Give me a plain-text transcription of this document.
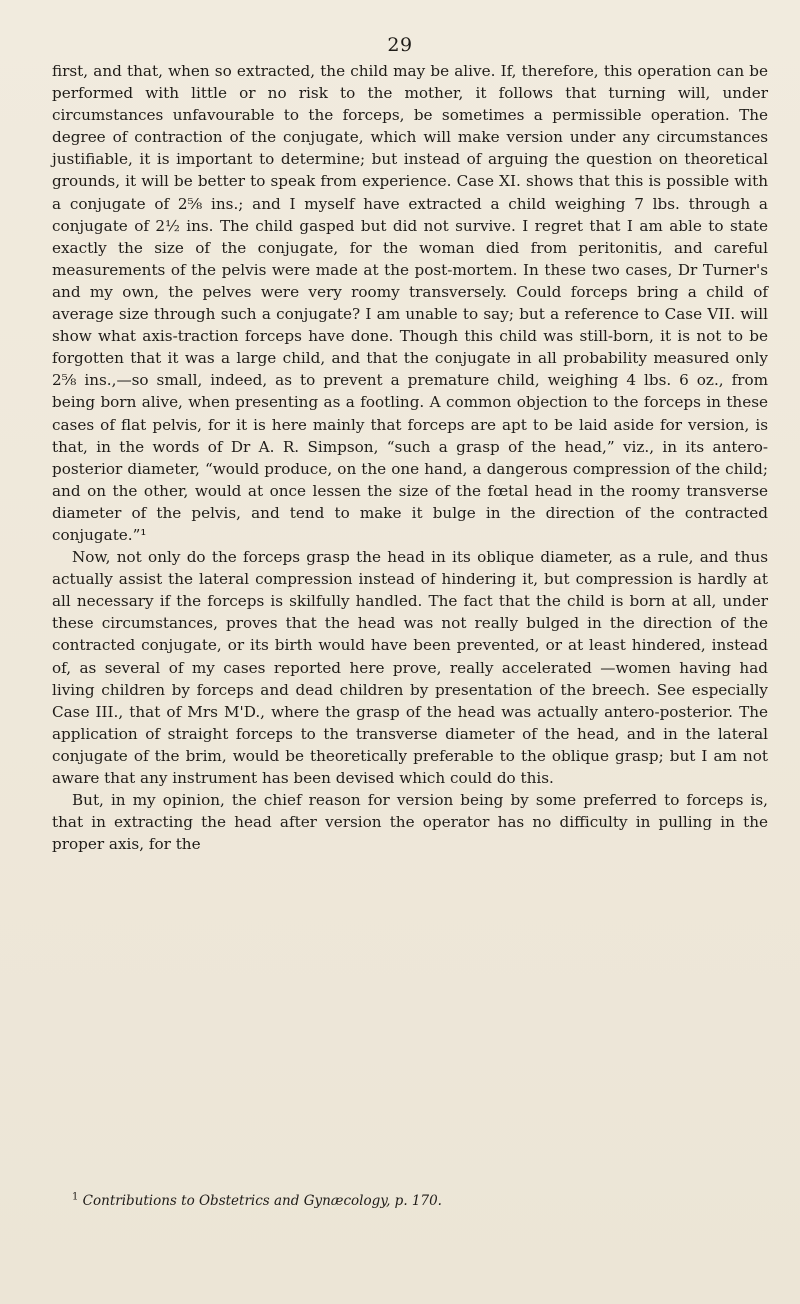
29

first, and that, when so extracted, the child may be alive. If, therefore, this operation can be performed with little or no risk to the mother, it follows that turning will, under circumstances unfavourable to the forceps, be sometimes a permissible operation. The degree of contraction of the conjugate, which will make version under any circumstances justifiable, it is important to determine; but instead of arguing the question on theoretical grounds, it will be better to speak from experience. Case XI. shows that this is possible with a conjugate of 2⅝ ins.; and I myself have extracted a child weighing 7 lbs. through a conjugate of 2½ ins. The child gasped but did not survive. I regret that I am able to state exactly the size of the conjugate, for the woman died from peritonitis, and careful measurements of the pelvis were made at the post-mortem. In these two cases, Dr Turner's and my own, the pelves were very roomy transversely. Could forceps bring a child of average size through such a conjugate? I am unable to say; but a reference to Case VII. will show what axis-traction forceps have done. Though this child was still-born, it is not to be forgotten that it was a large child, and that the conjugate in all probability measured only 2⅝ ins.,—so small, indeed, as to prevent a premature child, weighing 4 lbs. 6 oz., from being born alive, when presenting as a footling. A common objection to the forceps in these cases of flat pelvis, for it is here mainly that forceps are apt to be laid aside for version, is that, in the words of Dr A. R. Simpson, “such a grasp of the head,” viz., in its antero-posterior diameter, “would produce, on the one hand, a dangerous compression of the child; and on the other, would at once lessen the size of the fœtal head in the roomy transverse diameter of the pelvis, and tend to make it bulge in the direction of the contracted conjugate.”¹

Now, not only do the forceps grasp the head in its oblique diameter, as a rule, and thus actually assist the lateral compression instead of hindering it, but compression is hardly at all necessary if the forceps is skilfully handled. The fact that the child is born at all, under these circumstances, proves that the head was not really bulged in the direction of the contracted conjugate, or its birth would have been prevented, or at least hindered, instead of, as several of my cases reported here prove, really accelerated —women having had living children by forceps and dead children by presentation of the breech. See especially Case III., that of Mrs M'D., where the grasp of the head was actually antero-posterior. The application of straight forceps to the transverse diameter of the head, and in the lateral conjugate of the brim, would be theoretically preferable to the oblique grasp; but I am not aware that any instrument has been devised which could do this.

But, in my opinion, the chief reason for version being by some preferred to forceps is, that in extracting the head after version the operator has no difficulty in pulling in the proper axis, for the

$^1$ Contributions to Obstetrics and Gynæcology, p. 170.
